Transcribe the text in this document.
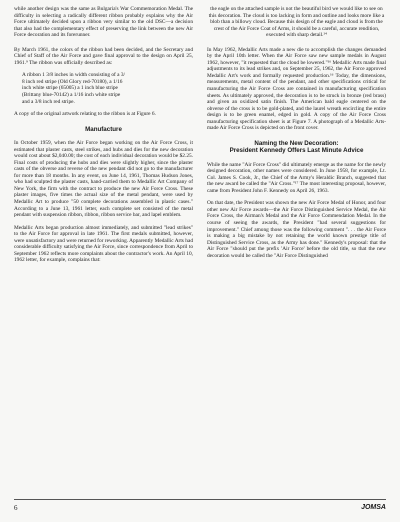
while another design was the same as Bulgaria's War Commemoration Medal. The difficulty in selecting a radically different ribbon probably explains why the Air Force ultimately decided upon a ribbon very similar to the old DSC—a decision that also had the complementary effect of preserving the link between the new Air Force decoration and its forerunner.

By March 1961, the colors of the ribbon had been decided, and the Secretary and Chief of Staff of the Air Force and gave final approval to the design on April 25, 1961.⁹ The ribbon was officially described as:

A ribbon 1 3/8 inches in width consisting of a 3/
8 inch red stripe (Old Glory red-70180), a 1/16
inch white stripe (65005) a 1 inch blue stripe
(Brittany blue-70142) a 1/16 inch white stripe
and a 3/8 inch red stripe.

A copy of the original artwork relating to the ribbon is at Figure 6.

Manufacture

In October 1959, when the Air Force began working on the Air Force Cross, it estimated that plaster casts, steel strikes, and hubs and dies for the new decoration would cost about $2,040.00; the cost of each individual decoration would be $2.25. Final costs of producing the hubs and dies were slightly higher, since the plaster casts of the obverse and reverse of the new pendant did not go to the manufacturer for more than 18 months. In any event, on June 14, 1961, Thomas Hudson Jones, who had sculpted the plaster casts, hand-carried them to Medallic Art Company of New York, the firm with the contract to produce the new Air Force Cross. These plaster images, five times the actual size of the metal pendant, were used by Medallic Art to produce "50 complete decorations assembled in plastic cases." According to a June 13, 1961 letter, each complete set consisted of the metal pendant with suspension ribbon, ribbon, ribbon service bar, and lapel emblem.

Medallic Arts began production almost immediately, and submitted "lead strikes" to the Air Force for approval in late 1961. The first medals submitted, however, were unsatisfactory and were returned for reworking. Apparently Medallic Arts had considerable difficulty satisfying the Air Force, since correspondence from April to September 1962 reflects more complaints about the contractor's work. An April 10, 1962 letter, for example, complains that:

the eagle on the attached sample is not the beautiful bird we would like to see on this decoration. The cloud is too lacking in form and outline and looks more like a blob than a billowy cloud. Because this design of the eagle and cloud is from the crest of the Air Force Coat of Arms, it should be a careful, accurate rendition, executed with sharp detail.¹⁴

In May 1962, Medallic Arts made a new die to accomplish the changes demanded by the April 10th letter. When the Air Force saw new sample medals in August 1962, however, "it requested that the cloud be lowered."¹⁶ Medallic Arts made final adjustments to its lead strikes and, on September 25, 1962, the Air Force approved Medallic Art's work and formally requested production.¹⁶ Today, the dimensions, measurements, metal content of the pendant, and other specifications critical for manufacturing the Air Force Cross are contained in manufacturing specification sheets. As ultimately approved, the decoration is to be struck in bronze (red brass) and given an oxidized satin finish. The American bald eagle centered on the obverse of the cross is to be gold-plated, and the laurel wreath encircling the entire design is to be green enamel, edged in gold. A copy of the Air Force Cross manufacturing specification sheet is at Figure 7. A photograph of a Medallic Arts-made Air Force Cross is depicted on the front cover.

Naming the New Decoration:
President Kennedy Offers Last Minute Advice

While the name "Air Force Cross" did ultimately emerge as the name for the newly designed decoration, other names were considered. In June 1958, for example, Lt. Col. James S. Cook, Jr., the Chief of the Army's Heraldic Branch, suggested that the new award be called the "Air Cross."¹⁷ The most interesting proposal, however, came from President John F. Kennedy on April 26, 1963.

On that date, the President was shown the new Air Force Medal of Honor, and four other new Air Force awards—the Air Force Distinguished Service Medal, the Air Force Cross, the Airman's Medal and the Air Force Commendation Medal. In the course of seeing the awards, the President "had several suggestions for improvement." Chief among those was the following comment ". . . the Air Force is making a big mistake by not retaining the world known prestige title of Distinguished Service Cross, as the Army has done." Kennedy's proposal: that the Air Force "should put the prefix 'Air Force' before the old title, so that the new decoration would be called the "Air Force Distinguished

6	JOMSA
